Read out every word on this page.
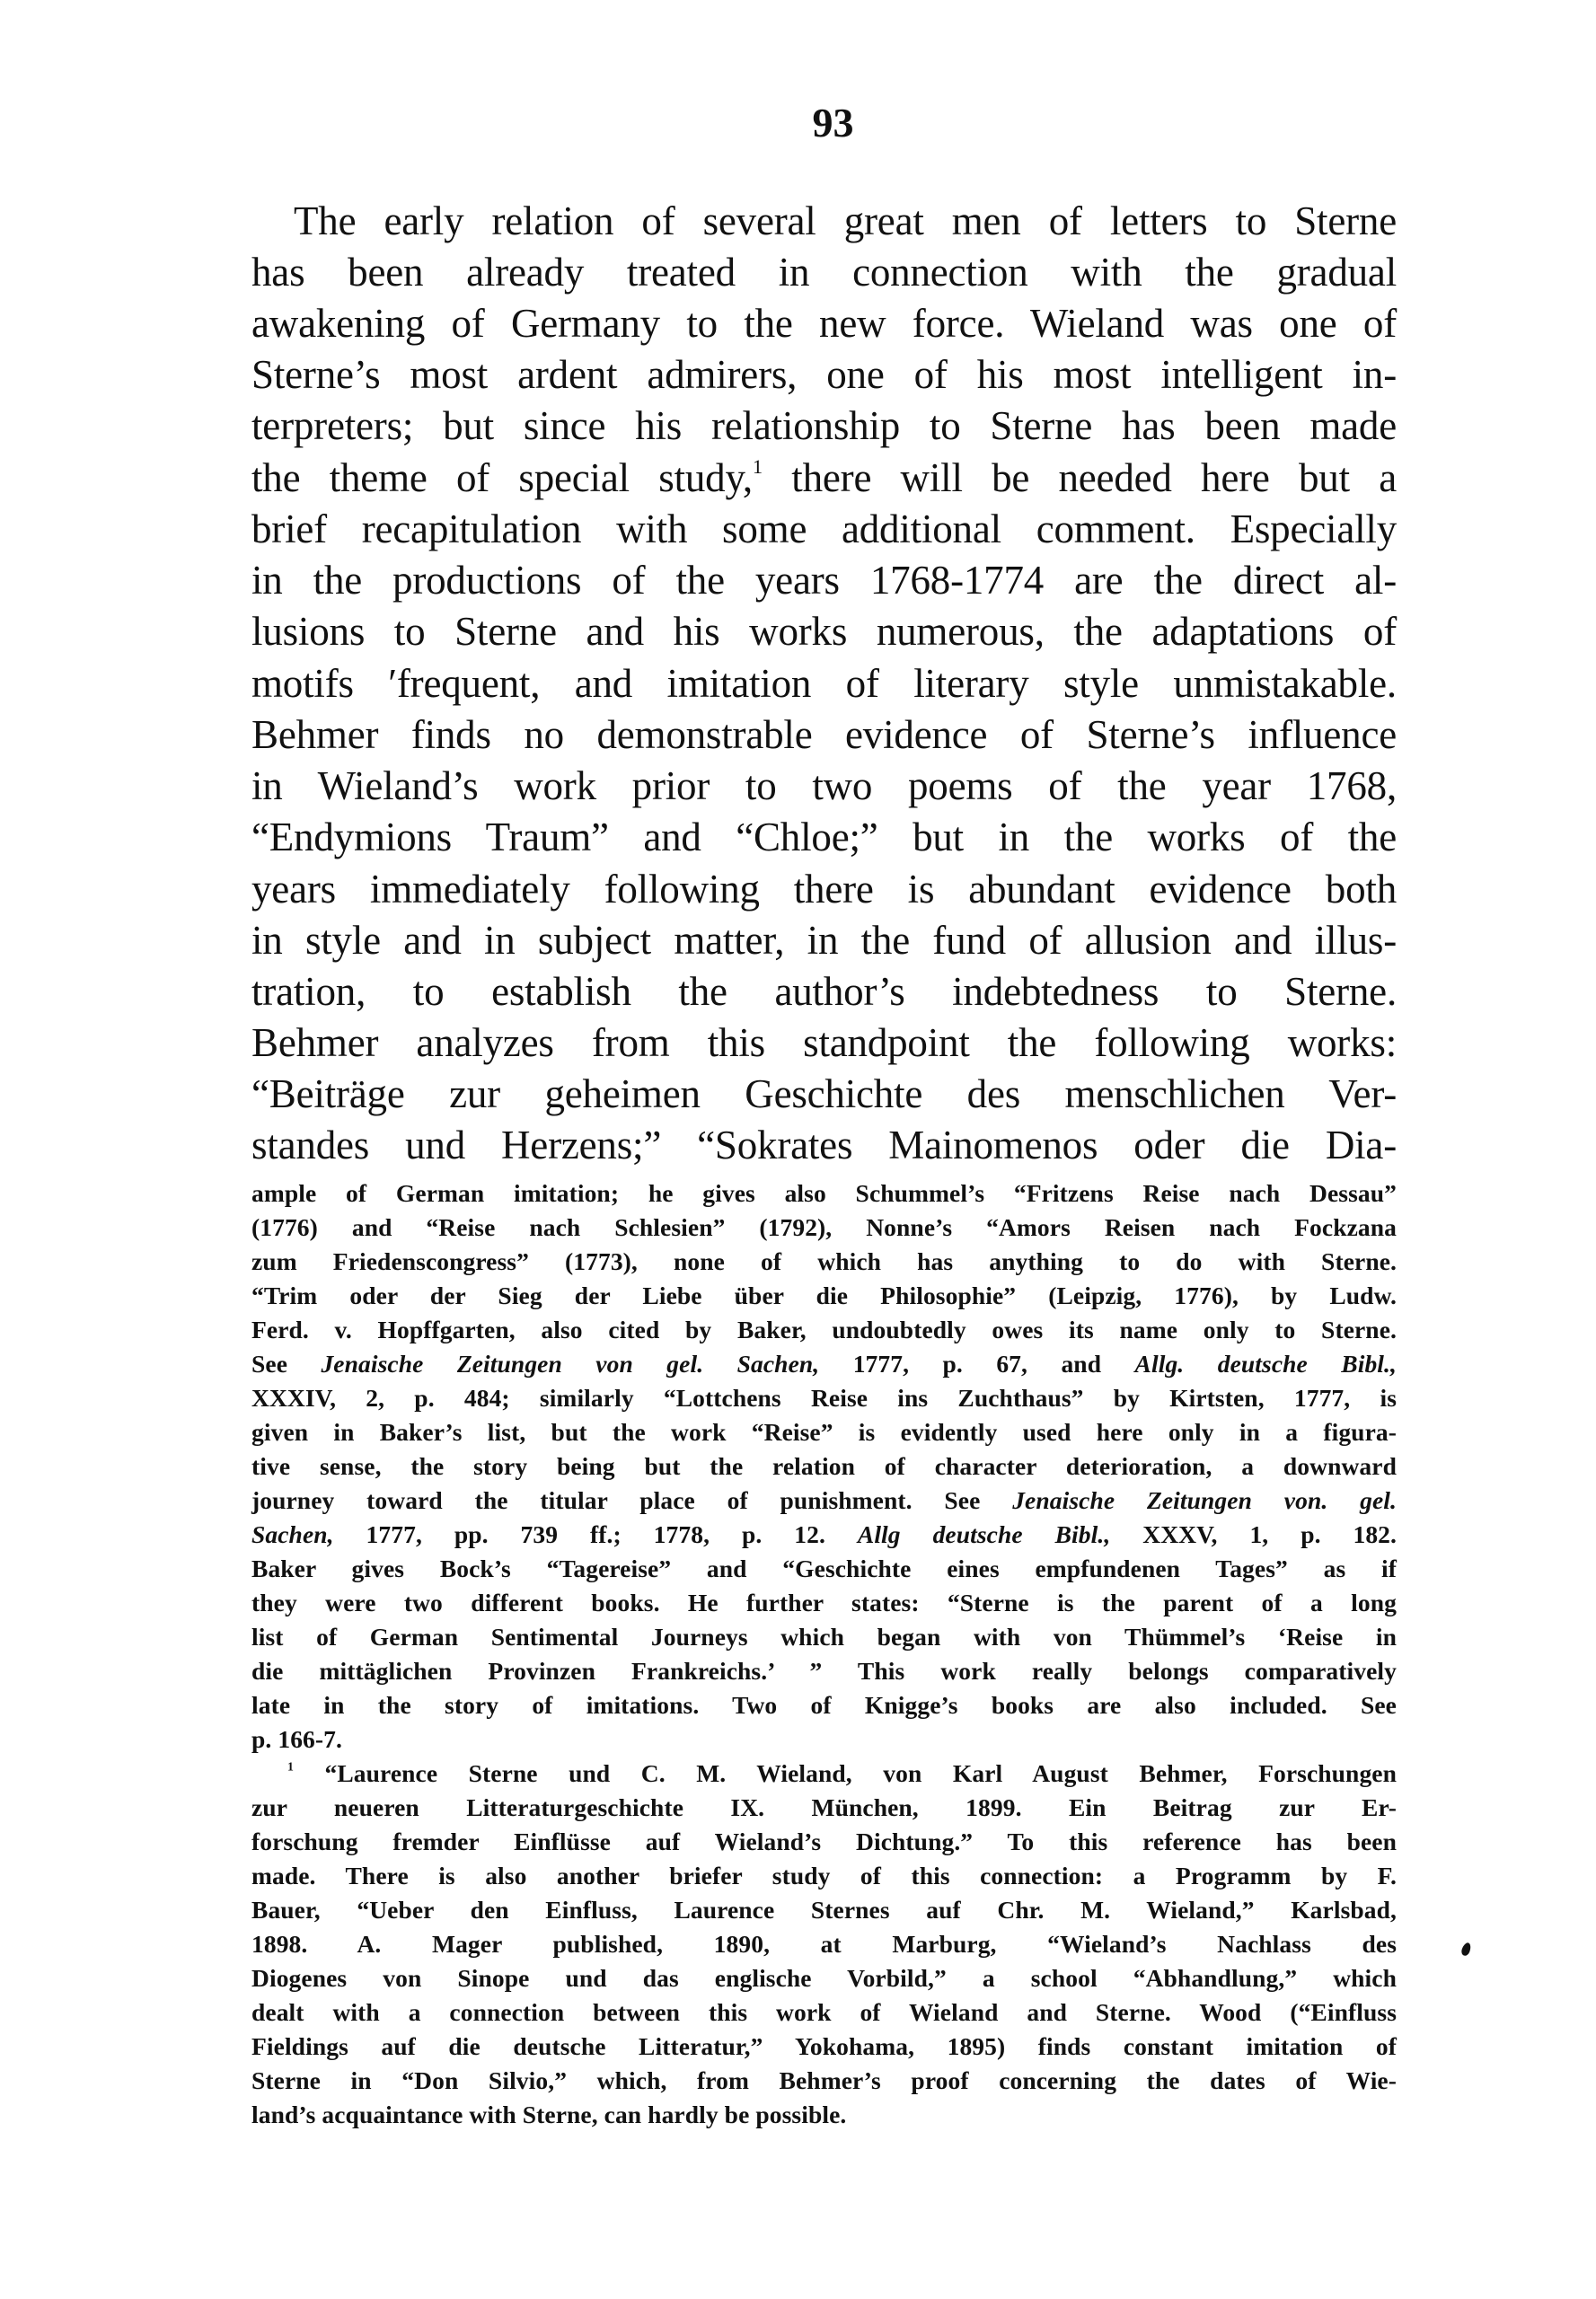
93
The early relation of several great men of letters to Sterne
has been already treated in connection with the gradual
awakening of Germany to the new force. Wieland was one of
Sterne’s most ardent admirers, one of his most intelligent in-
terpreters; but since his relationship to Sterne has been made
the theme of special study,$^1$ there will be needed here but a
brief recapitulation with some additional comment. Especially
in the productions of the years 1768-1774 are the direct al-
lusions to Sterne and his works numerous, the adaptations of
motifs ′frequent, and imitation of literary style unmistakable.
Behmer finds no demonstrable evidence of Sterne’s influence
in Wieland’s work prior to two poems of the year 1768,
“Endymions Traum” and “Chloe;” but in the works of the
years immediately following there is abundant evidence both
in style and in subject matter, in the fund of allusion and illus-
tration, to establish the author’s indebtedness to Sterne.
Behmer analyzes from this standpoint the following works:
“Beiträge zur geheimen Geschichte des menschlichen Ver-
standes und Herzens;” “Sokrates Mainomenos oder die Dia-
ample of German imitation; he gives also Schummel’s “Fritzens Reise nach Dessau”
(1776) and “Reise nach Schlesien” (1792), Nonne’s “Amors Reisen nach Fockzana
zum Friedenscongress” (1773), none of which has anything to do with Sterne.
“Trim oder der Sieg der Liebe über die Philosophie” (Leipzig, 1776), by Ludw.
Ferd. v. Hopffgarten, also cited by Baker, undoubtedly owes its name only to Sterne.
See Jenaische Zeitungen von gel. Sachen, 1777, p. 67, and Allg. deutsche Bibl.,
XXXIV, 2, p. 484; similarly “Lottchens Reise ins Zuchthaus” by Kirtsten, 1777, is
given in Baker’s list, but the work “Reise” is evidently used here only in a figura-
tive sense, the story being but the relation of character deterioration, a downward
journey toward the titular place of punishment. See Jenaische Zeitungen von. gel.
Sachen, 1777, pp. 739 ff.; 1778, p. 12. Allg deutsche Bibl., XXXV, 1, p. 182.
Baker gives Bock’s “Tagereise” and “Geschichte eines empfundenen Tages” as if
they were two different books. He further states: “Sterne is the parent of a long
list of German Sentimental Journeys which began with von Thümmel’s ‘Reise in
die mittäglichen Provinzen Frankreichs.’ ” This work really belongs comparatively
late in the story of imitations. Two of Knigge’s books are also included. See
p. 166-7.
$^1$ “Laurence Sterne und C. M. Wieland, von Karl August Behmer, Forschungen
zur neueren Litteraturgeschichte IX. München, 1899. Ein Beitrag zur Er-
forschung fremder Einflüsse auf Wieland’s Dichtung.” To this reference has been
made. There is also another briefer study of this connection: a Programm by F.
Bauer, “Ueber den Einfluss, Laurence Sternes auf Chr. M. Wieland,” Karlsbad,
1898. A. Mager published, 1890, at Marburg, “Wieland’s Nachlass des
Diogenes von Sinope und das englische Vorbild,” a school “Abhandlung,” which
dealt with a connection between this work of Wieland and Sterne. Wood (“Einfluss
Fieldings auf die deutsche Litteratur,” Yokohama, 1895) finds constant imitation of
Sterne in “Don Silvio,” which, from Behmer’s proof concerning the dates of Wie-
land’s acquaintance with Sterne, can hardly be possible.
